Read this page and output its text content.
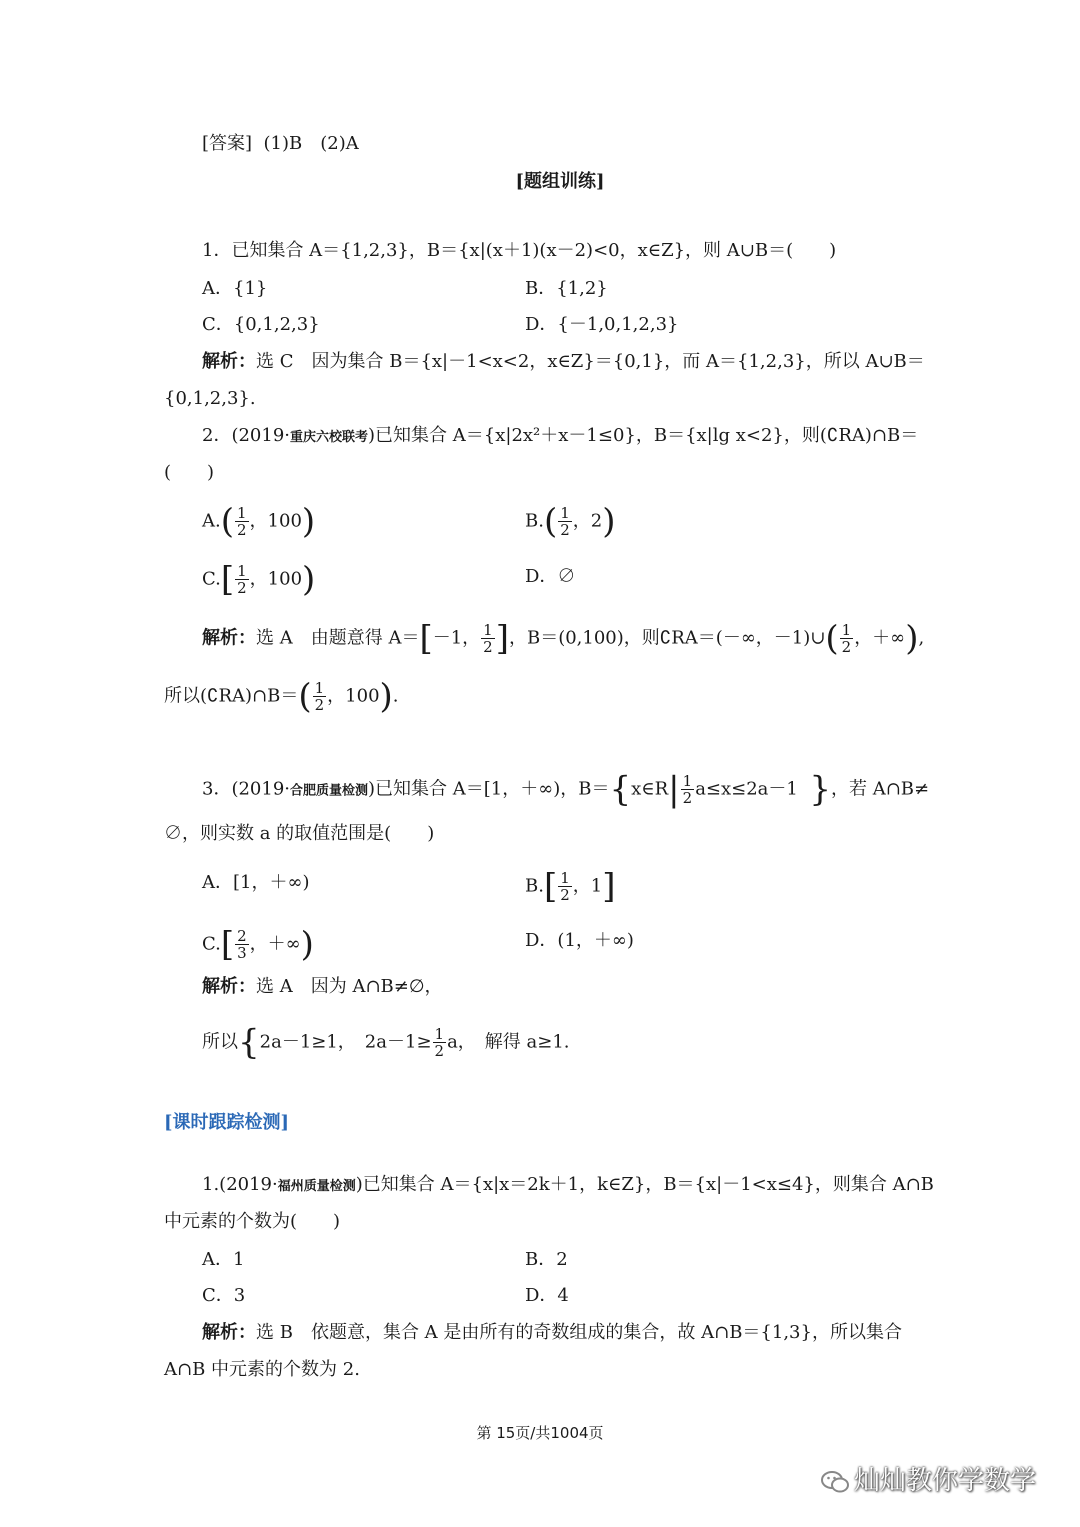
[答案] (1)B　(2)A
[题组训练]
1．已知集合 A＝{1,2,3}，B＝{x|(x＋1)(x－2)<0，x∈Z}，则 A∪B＝(　　)
A．{1}	B．{1,2}
C．{0,1,2,3}	D．{－1,0,1,2,3}
解析：选 C　因为集合 B＝{x|－1<x<2，x∈Z}＝{0,1}，而 A＝{1,2,3}，所以 A∪B＝
{0,1,2,3}.
2．(2019·重庆六校联考)已知集合 A＝{x|2x²＋x－1≤0}，B＝{x|lg x<2}，则(∁RA)∩B＝
(　　)
$A.( \frac{1}{2}$ ，100)	$B.( \frac{1}{2}$ ，2)
$C.[ \frac{1}{2}$ ，100)	D．∅
解析：选 A　由题意得 A＝[－1， $\frac{1}{2}$ ]，B＝(0,100)，则∁RA＝(－∞，－1)∪( $\frac{1}{2}$ ，＋∞),
所以(∁RA)∩B＝( $\frac{1}{2}$ ，100).
3．(2019·合肥质量检测)已知集合 A＝[1，＋∞)，B＝{x∈R| $\frac{1}{2} a\le x\le 2a-1$ }，若 A∩B≠
∅，则实数 a 的取值范围是(　　)
A．[1，＋∞)	$B.[ \frac{1}{2}$ ，1]
$C.[ \frac{2}{3}$ ，＋∞)	D．(1，＋∞)
解析：选 A　因为 A∩B≠∅，
所以{2a－1≥1，　$2a-1\ge \frac{1}{2}$ a，　解得 a≥1.
[课时跟踪检测]
1.(2019·福州质量检测)已知集合 A＝{x|x＝2k＋1，k∈Z}，B＝{x|－1<x≤4}，则集合 A∩B
中元素的个数为(　　)
A．1	B．2
C．3	D．4
解析：选 B　依题意，集合 A 是由所有的奇数组成的集合，故 A∩B＝{1,3}，所以集合
A∩B 中元素的个数为 2.
第 15页/共1004页
灿灿教你学数学
